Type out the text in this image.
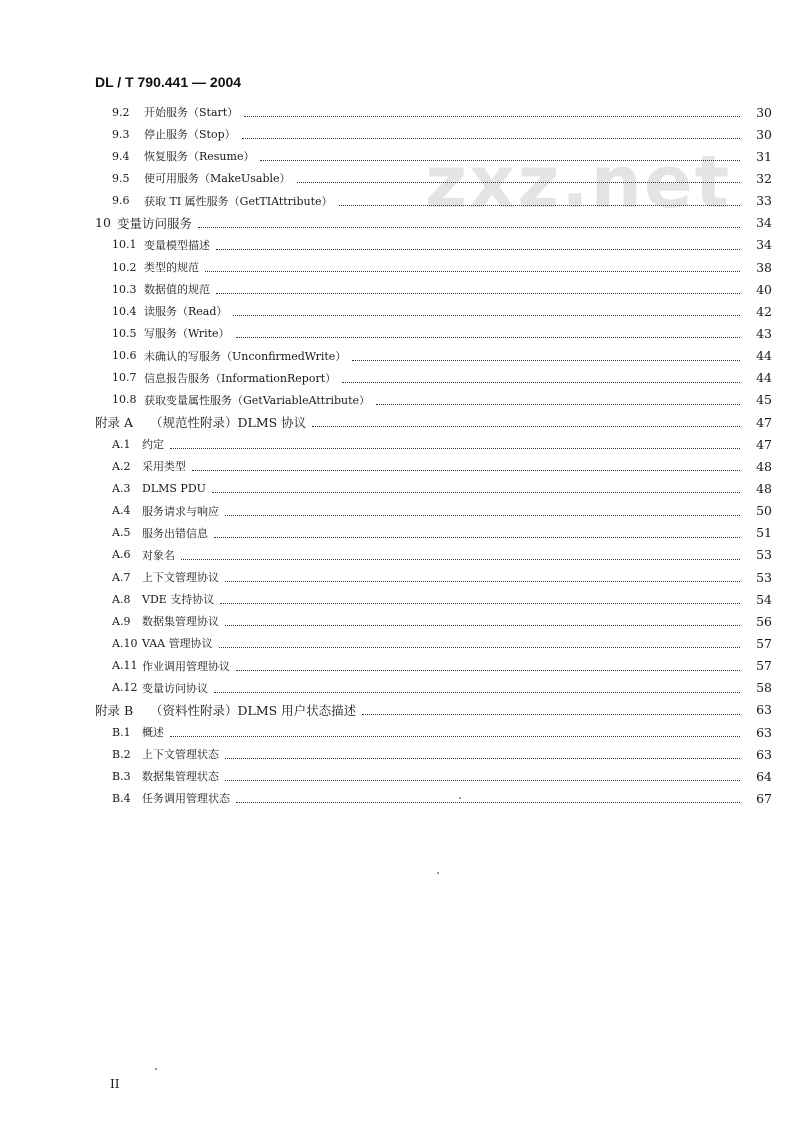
zxz.net
DL / T 790.441 — 2004
9.2	开始服务（Start）	30
9.3	停止服务（Stop）	30
9.4	恢复服务（Resume）	31
9.5	使可用服务（MakeUsable）	32
9.6	获取 TI 属性服务（GetTIAttribute）	33
10 变量访问服务	34
10.1 变量模型描述	34
10.2 类型的规范	38
10.3 数据值的规范	40
10.4 读服务（Read）	42
10.5 写服务（Write）	43
10.6 未确认的写服务（UnconfirmedWrite）	44
10.7 信息报告服务（InformationReport）	44
10.8 获取变量属性服务（GetVariableAttribute）	45
附录 A	（规范性附录）DLMS 协议	47
A.1	约定	47
A.2	采用类型	48
A.3	DLMS PDU	48
A.4	服务请求与响应	50
A.5	服务出错信息	51
A.6	对象名	53
A.7	上下文管理协议	53
A.8	VDE 支持协议	54
A.9	数据集管理协议	56
A.10 VAA 管理协议	57
A.11 作业调用管理协议	57
A.12 变量访问协议	58
附录 B	（资料性附录）DLMS 用户状态描述	63
B.1	概述	63
B.2	上下文管理状态	63
B.3	数据集管理状态	64
B.4	任务调用管理状态	67
II
